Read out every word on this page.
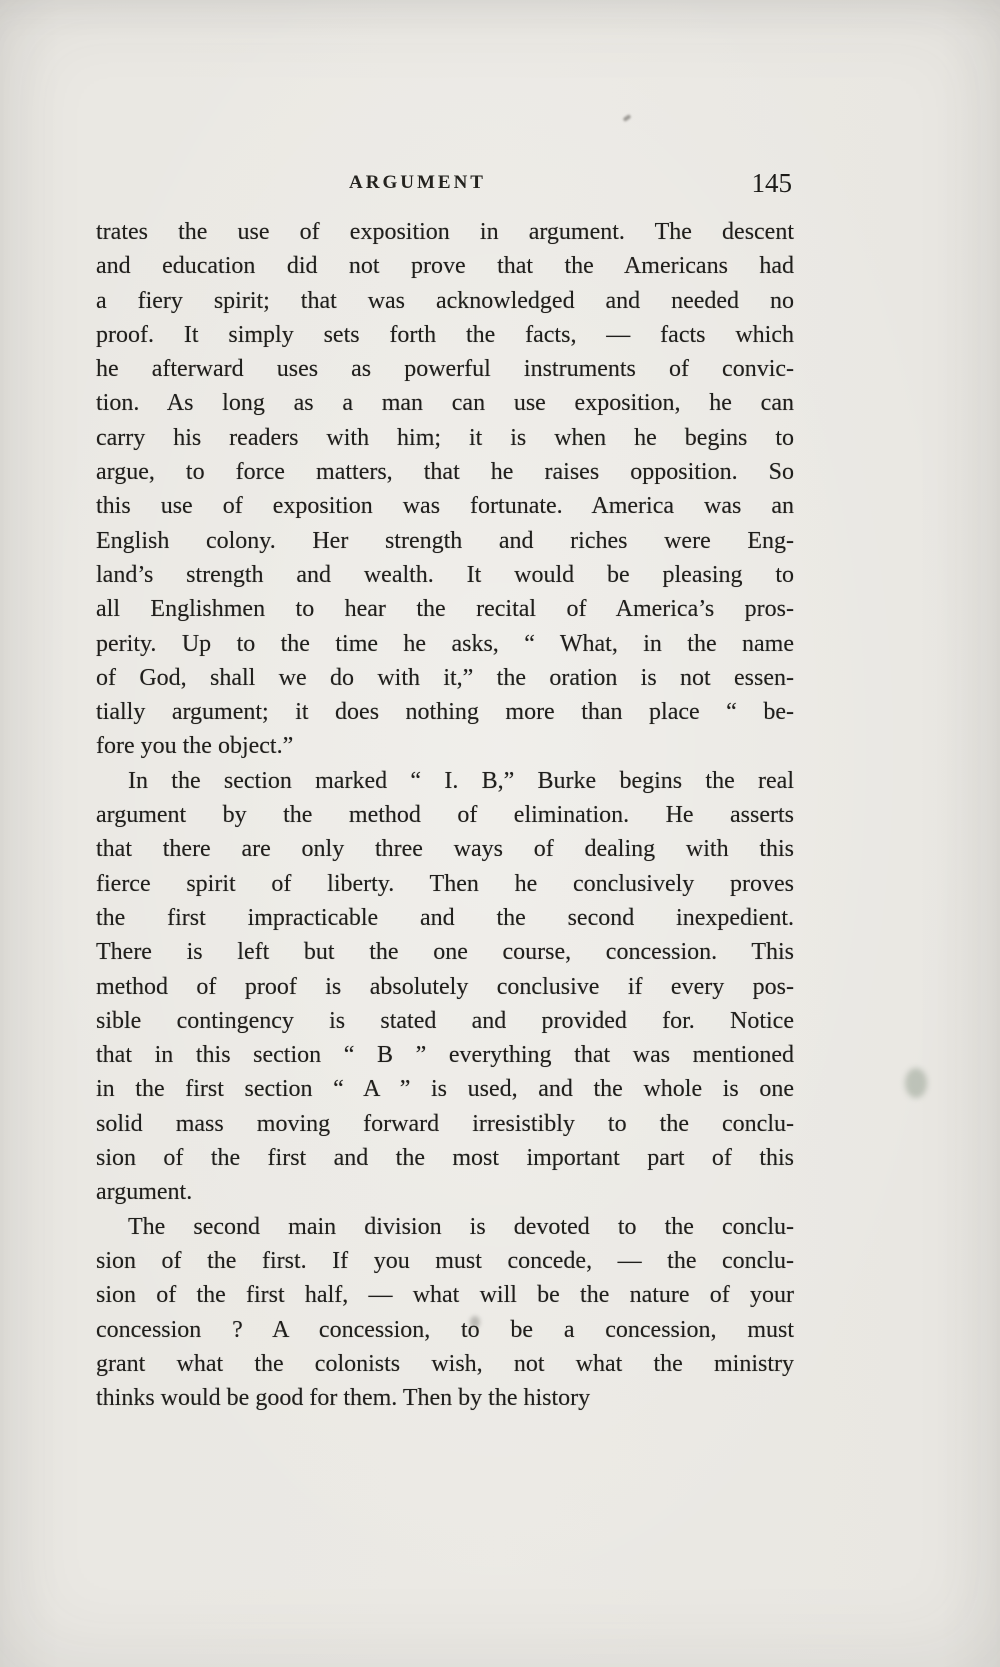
ARGUMENT	145
trates the use of exposition in argument. The descent
and education did not prove that the Americans had
a fiery spirit; that was acknowledged and needed no
proof. It simply sets forth the facts, — facts which
he afterward uses as powerful instruments of convic-
tion. As long as a man can use exposition, he can
carry his readers with him; it is when he begins to
argue, to force matters, that he raises opposition. So
this use of exposition was fortunate. America was an
English colony. Her strength and riches were Eng-
land’s strength and wealth. It would be pleasing to
all Englishmen to hear the recital of America’s pros-
perity. Up to the time he asks, “ What, in the name
of God, shall we do with it,” the oration is not essen-
tially argument; it does nothing more than place “ be-
fore you the object.”
In the section marked “ I. B,” Burke begins the real
argument by the method of elimination. He asserts
that there are only three ways of dealing with this
fierce spirit of liberty. Then he conclusively proves
the first impracticable and the second inexpedient.
There is left but the one course, concession. This
method of proof is absolutely conclusive if every pos-
sible contingency is stated and provided for. Notice
that in this section “ B ” everything that was mentioned
in the first section “ A ” is used, and the whole is one
solid mass moving forward irresistibly to the conclu-
sion of the first and the most important part of this
argument.
The second main division is devoted to the conclu-
sion of the first. If you must concede, — the conclu-
sion of the first half, — what will be the nature of your
concession ? A concession, to be a concession, must
grant what the colonists wish, not what the ministry
thinks would be good for them. Then by the history
